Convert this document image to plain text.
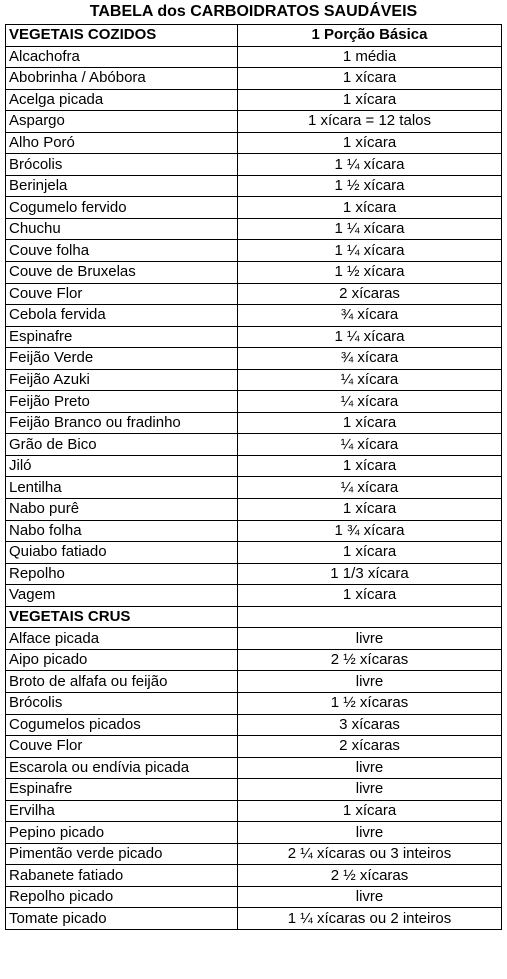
TABELA dos CARBOIDRATOS SAUDÁVEIS
VEGETAIS COZIDOS	1 Porção Básica
Alcachofra	1 média
Abobrinha / Abóbora	1 xícara
Acelga picada	1 xícara
Aspargo	1 xícara = 12 talos
Alho Poró	1 xícara
Brócolis	1 ¼ xícara
Berinjela	1 ½ xícara
Cogumelo fervido	1 xícara
Chuchu	1 ¼ xícara
Couve folha	1 ¼ xícara
Couve de Bruxelas	1 ½ xícara
Couve Flor	2 xícaras
Cebola fervida	¾ xícara
Espinafre	1 ¼ xícara
Feijão Verde	¾ xícara
Feijão Azuki	¼ xícara
Feijão Preto	¼ xícara
Feijão Branco ou fradinho	1 xícara
Grão de Bico	¼ xícara
Jiló	1 xícara
Lentilha	¼ xícara
Nabo purê	1 xícara
Nabo folha	1 ¾ xícara
Quiabo fatiado	1 xícara
Repolho	1 1/3 xícara
Vagem	1 xícara
VEGETAIS CRUS	
Alface picada	livre
Aipo picado	2 ½ xícaras
Broto de alfafa ou feijão	livre
Brócolis	1 ½ xícaras
Cogumelos picados	3 xícaras
Couve Flor	2 xícaras
Escarola ou endívia picada	livre
Espinafre	livre
Ervilha	1 xícara
Pepino picado	livre
Pimentão verde picado	2 ¼ xícaras ou 3 inteiros
Rabanete fatiado	2 ½ xícaras
Repolho picado	livre
Tomate picado	1 ¼ xícaras ou 2 inteiros
